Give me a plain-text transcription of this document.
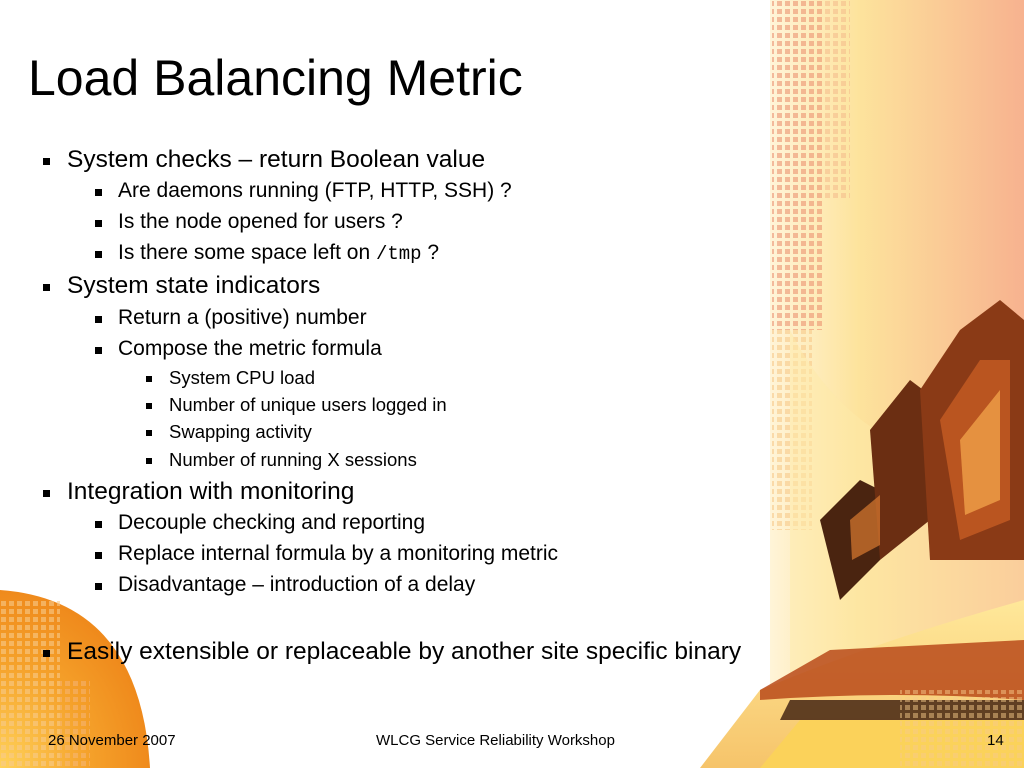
Load Balancing Metric
System checks – return Boolean value
Are daemons running (FTP, HTTP, SSH) ?
Is the node opened for users ?
Is there some space left on /tmp ?
System state indicators
Return a (positive) number
Compose the metric formula
System CPU load
Number of unique users logged in
Swapping activity
Number of running X sessions
Integration with monitoring
Decouple checking and reporting
Replace internal formula by a monitoring metric
Disadvantage – introduction of a delay
Easily extensible or replaceable by another site specific binary
26 November 2007	WLCG Service Reliability Workshop	14
